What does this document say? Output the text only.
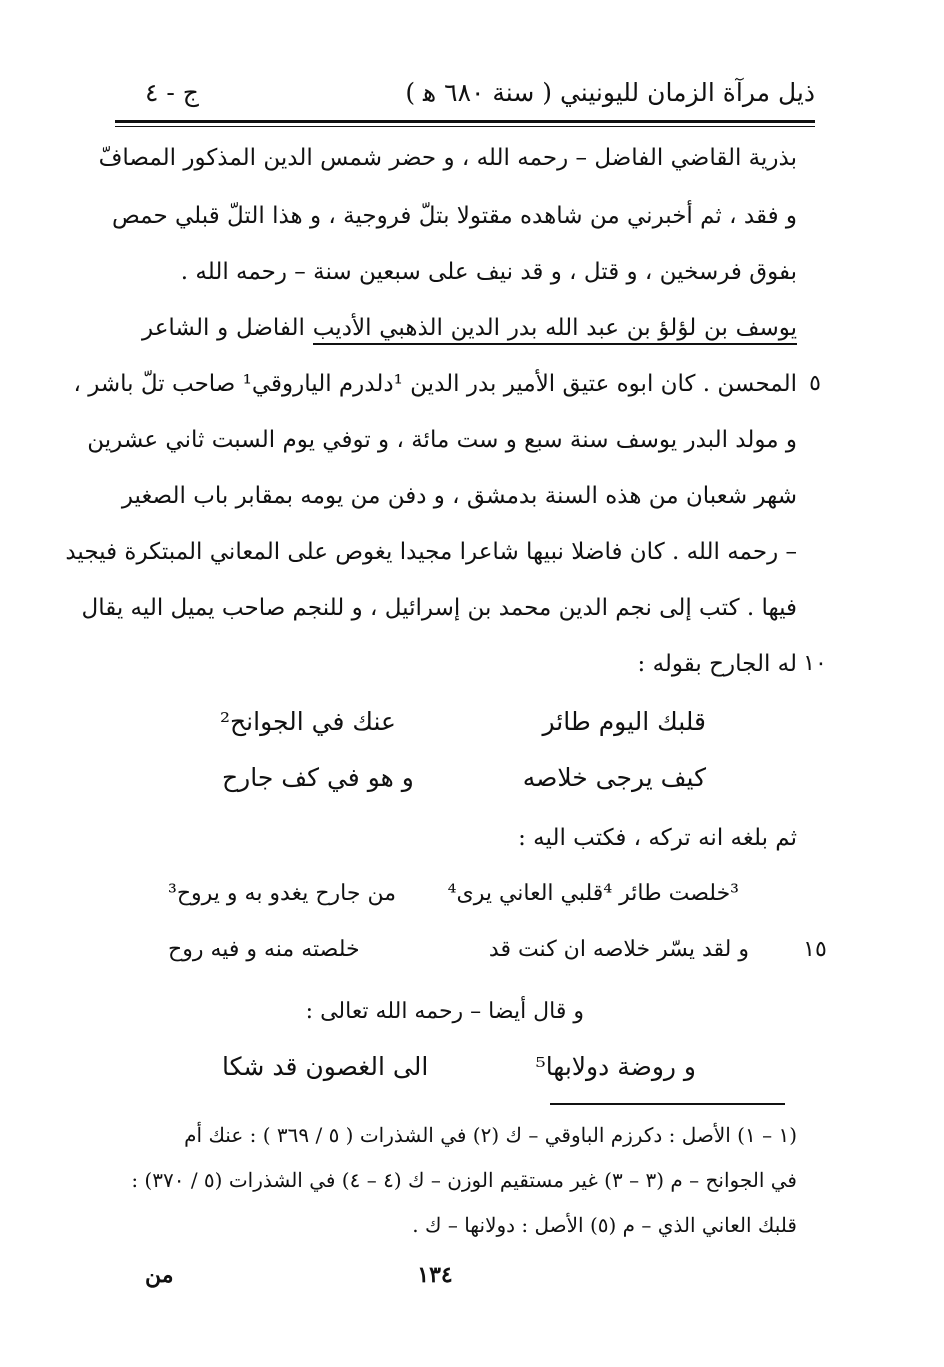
ذيل مرآة الزمان لليونيني ( سنة ٦٨٠ ﻫ )
ج - ٤
بذرية القاضي الفاضل – رحمه الله ، و حضر شمس الدين المذكور المصافّ
و فقد ، ثم أخبرني من شاهده مقتولا بتلّ فروجية ، و هذا التلّ قبلي حمص
بفوق فرسخين ، و قتل ، و قد نيف على سبعين سنة – رحمه الله .
يوسف بن لؤلؤ بن عبد الله بدر الدين الذهبي الأديب الفاضل و الشاعر
المحسن . كان ابوه عتيق الأمير بدر الدين ¹دلدرم الياروقي¹ صاحب تلّ باشر ، ٥
و مولد البدر يوسف سنة سبع و ست مائة ، و توفي يوم السبت ثاني عشرين
شهر شعبان من هذه السنة بدمشق ، و دفن من يومه بمقابر باب الصغير
– رحمه الله . كان فاضلا نبيها شاعرا مجيدا يغوص على المعاني المبتكرة فيجيد
فيها . كتب إلى نجم الدين محمد بن إسرائيل ، و للنجم صاحب يميل اليه يقال
له الجارح بقوله : ١٠
قلبك اليوم طائر
عنك في الجوانح²
كيف يرجى خلاصه
و هو في كف جارح
ثم بلغه انه تركه ، فكتب اليه :
³خلصت طائر ⁴قلبي العاني يرى⁴
من جارح يغدو به و يروح³
و لقد يسّر خلاصه ان كنت قد
خلصته منه و فيه روح	١٥
و قال أيضا – رحمه الله تعالى :
و روضة دولابها⁵
الى الغصون قد شكا
(١ – ١) الأصل : دكرزم الباوقي – ك (٢) في الشذرات ( ٥ / ٣٦٩ ) : عنك أم
في الجوانح – م (٣ – ٣) غير مستقيم الوزن – ك (٤ – ٤) في الشذرات (٥ / ٣٧٠) :
قلبك العاني الذي – م (٥) الأصل : دولانها – ك .
١٣٤
من
